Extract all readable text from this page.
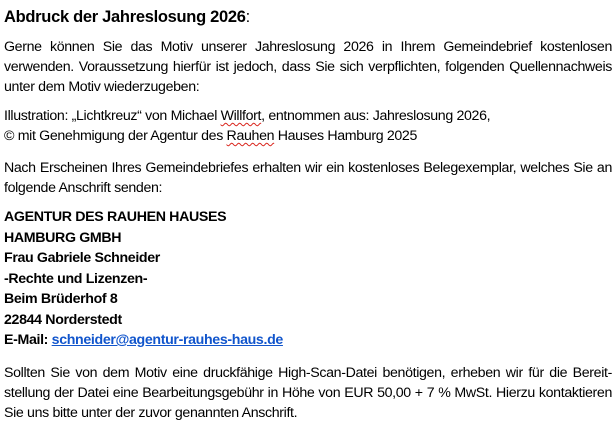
Abdruck der Jahreslosung 2026:

Gerne können Sie das Motiv unserer Jahreslosung 2026 in Ihrem Gemeindebrief kostenlosen verwenden. Voraussetzung hierfür ist jedoch, dass Sie sich verpflichten, folgenden Quellennachweis unter dem Motiv wiederzugeben:

Illustration: „Lichtkreuz“ von Michael Willfort, entnommen aus: Jahreslosung 2026,
© mit Genehmigung der Agentur des Rauhen Hauses Hamburg 2025

Nach Erscheinen Ihres Gemeindebriefes erhalten wir ein kostenloses Belegexemplar, welches Sie an folgende Anschrift senden:

AGENTUR DES RAUHEN HAUSES
HAMBURG GMBH
Frau Gabriele Schneider
-Rechte und Lizenzen-
Beim Brüderhof 8
22844 Norderstedt
E-Mail: schneider@agentur-rauhes-haus.de

Sollten Sie von dem Motiv eine druckfähige High-Scan-Datei benötigen, erheben wir für die Bereit-stellung der Datei eine Bearbeitungsgebühr in Höhe von EUR 50,00 + 7 % MwSt. Hierzu kontaktieren Sie uns bitte unter der zuvor genannten Anschrift.
